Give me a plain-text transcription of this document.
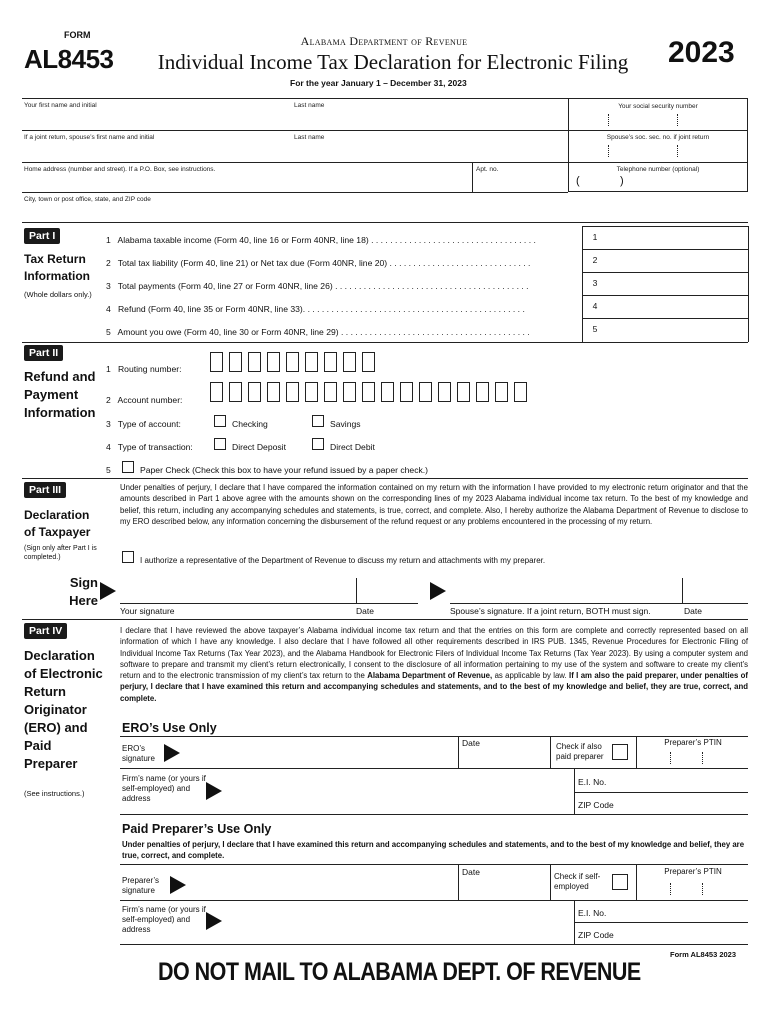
FORM
AL8453
Alabama Department of Revenue
Individual Income Tax Declaration for Electronic Filing 2023
For the year January 1 – December 31, 2023
Your first name and initial	Last name	Your social security number
If a joint return, spouse’s first name and initial	Last name	Spouse’s soc. sec. no. if joint return
Home address (number and street). If a P.O. Box, see instructions.	Apt. no.	Telephone number (optional)
(	)
City, town or post office, state, and ZIP code
Part I
Tax Return Information
(Whole dollars only.)
1 Alabama taxable income (Form 40, line 16 or Form 40NR, line 18) . . . . . . . . . . . . . . . . . . . . . . . . . . . . . . . . . . .	1
2 Total tax liability (Form 40, line 21) or Net tax due (Form 40NR, line 20) . . . . . . . . . . . . . . . . . . . . . . . . . . . . . .	2
3 Total payments (Form 40, line 27 or Form 40NR, line 26) . . . . . . . . . . . . . . . . . . . . . . . . . . . . . . . . . . . . . . . . .	3
4 Refund (Form 40, line 35 or Form 40NR, line 33). . . . . . . . . . . . . . . . . . . . . . . . . . . . . . . . . . . . . . . . . . . . . . .	4
5 Amount you owe (Form 40, line 30 or Form 40NR, line 29) . . . . . . . . . . . . . . . . . . . . . . . . . . . . . . . . . . . . . . . .	5
Part II
Refund and Payment Information
1 Routing number:
2 Account number:
3 Type of account:	Checking	Savings
4 Type of transaction:	Direct Deposit	Direct Debit
5	Paper Check (Check this box to have your refund issued by a paper check.)
Part III
Declaration of Taxpayer
(Sign only after Part I is completed.)
Under penalties of perjury, I declare that I have compared the information contained on my return with the information I have provided to my electronic return originator and that the amounts described in Part 1 above agree with the amounts shown on the corresponding lines of my 2023 Alabama individual income tax return. To the best of my knowledge and belief, this return, including any accompanying schedules and statements, is true, correct, and complete. Also, I hereby authorize the Alabama Department of Revenue to disclose to my ERO described below, any information concerning the disbursement of the refund request or any problems encountered in the processing of my return.
I authorize a representative of the Department of Revenue to discuss my return and attachments with my preparer.
Sign Here
Your signature	Date	Spouse’s signature. If a joint return, BOTH must sign.	Date
Part IV
Declaration of Electronic Return Originator (ERO) and Paid Preparer
(See instructions.)
I declare that I have reviewed the above taxpayer’s Alabama individual income tax return and that the entries on this form are complete and correctly represented based on all information of which I have any knowledge. I also declare that I have followed all other requirements described in IRS PUB. 1345, Revenue Procedures for Electronic Filing of Individual Income Tax Returns (Tax Year 2023), and the Alabama Handbook for Electronic Filers of Individual Income Tax Returns (Tax Year 2023). By using a computer system and software to prepare and transmit my client’s return electronically, I consent to the disclosure of all information pertaining to my use of the system and software to create my client’s return and to the electronic transmission of my client’s tax return to the Alabama Department of Revenue, as applicable by law. If I am also the paid preparer, under penalties of perjury, I declare that I have examined this return and accompanying schedules and statements, and to the best of my knowledge and belief, they are true, correct, and complete.
ERO’s Use Only
ERO’s signature
Date	Check if also paid preparer
Preparer’s PTIN
Firm’s name (or yours if self-employed) and address
E.I. No.
ZIP Code
Paid Preparer’s Use Only
Under penalties of perjury, I declare that I have examined this return and accompanying schedules and statements, and to the best of my knowledge and belief, they are true, correct, and complete.
Preparer’s signature
Date	Check if self-employed
Preparer’s PTIN
Firm’s name (or yours if self-employed) and address
E.I. No.
ZIP Code
Form AL8453 2023
DO NOT MAIL TO ALABAMA DEPT. OF REVENUE
